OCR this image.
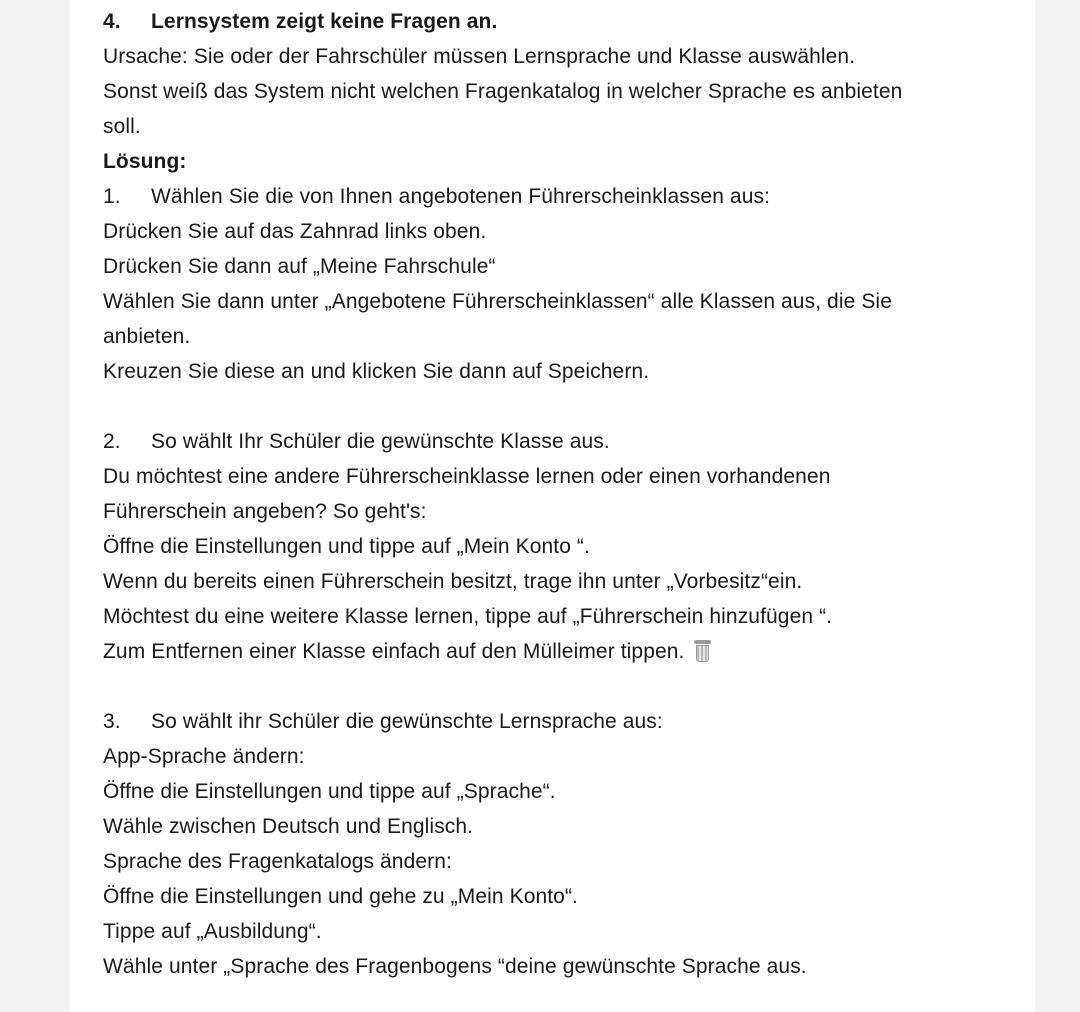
4. Lernsystem zeigt keine Fragen an.
Ursache: Sie oder der Fahrschüler müssen Lernsprache und Klasse auswählen.
Sonst weiß das System nicht welchen Fragenkatalog in welcher Sprache es anbieten
soll.
Lösung:
1. Wählen Sie die von Ihnen angebotenen Führerscheinklassen aus:
Drücken Sie auf das Zahnrad links oben.
Drücken Sie dann auf „Meine Fahrschule“
Wählen Sie dann unter „Angebotene Führerscheinklassen“ alle Klassen aus, die Sie
anbieten.
Kreuzen Sie diese an und klicken Sie dann auf Speichern.
2. So wählt Ihr Schüler die gewünschte Klasse aus.
Du möchtest eine andere Führerscheinklasse lernen oder einen vorhandenen
Führerschein angeben? So geht's:
Öffne die Einstellungen und tippe auf „Mein Konto “.
Wenn du bereits einen Führerschein besitzt, trage ihn unter „Vorbesitz“ein.
Möchtest du eine weitere Klasse lernen, tippe auf „Führerschein hinzufügen “.
Zum Entfernen einer Klasse einfach auf den Mülleimer tippen.
3. So wählt ihr Schüler die gewünschte Lernsprache aus:
App-Sprache ändern:
Öffne die Einstellungen und tippe auf „Sprache“.
Wähle zwischen Deutsch und Englisch.
Sprache des Fragenkatalogs ändern:
Öffne die Einstellungen und gehe zu „Mein Konto“.
Tippe auf „Ausbildung“.
Wähle unter „Sprache des Fragenbogens “deine gewünschte Sprache aus.
